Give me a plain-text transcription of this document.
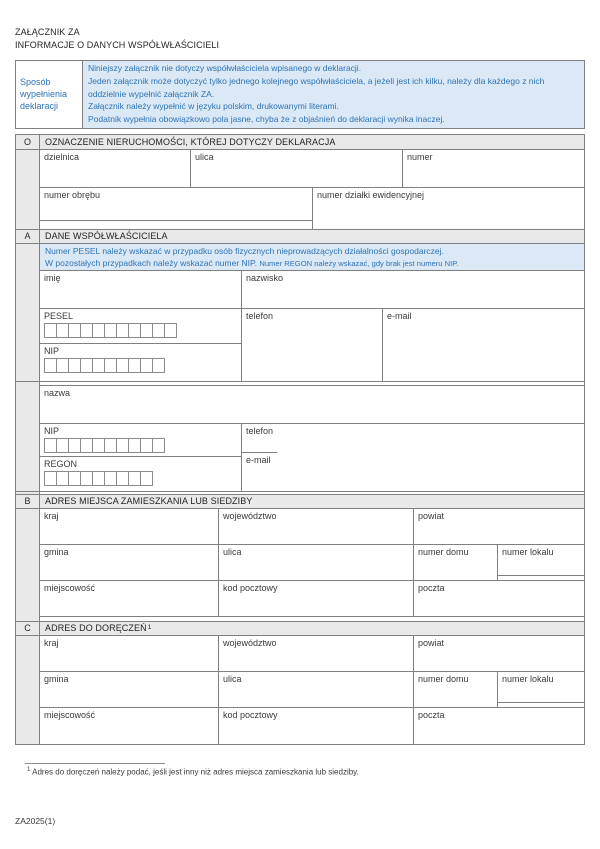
ZAŁĄCZNIK ZA
INFORMACJE O DANYCH WSPÓŁWŁAŚCICIELI
Sposób wypełnienia deklaracji
Niniejszy załącznik nie dotyczy współwłaściciela wpisanego w deklaracji.
Jeden załącznik może dotyczyć tylko jednego kolejnego współwłaściciela, a jeżeli jest ich kilku, należy dla każdego z nich oddzielnie wypełnić załącznik ZA.
Załącznik należy wypełnić w języku polskim, drukowanymi literami.
Podatnik wypełnia obowiązkowo pola jasne, chyba że z objaśnień do deklaracji wynika inaczej.
O	OZNACZENIE NIERUCHOMOŚCI, KTÓREJ DOTYCZY DEKLARACJA
dzielnica	ulica	numer
numer obrębu	numer działki ewidencyjnej
A	DANE WSPÓŁWŁAŚCICIELA
Numer PESEL należy wskazać w przypadku osób fizycznych nieprowadzących działalności gospodarczej.
W pozostałych przypadkach należy wskazać numer NIP. Numer REGON należy wskazać, gdy brak jest numeru NIP.
imię	nazwisko
PESEL
NIP
telefon	e-mail
nazwa
NIP
REGON
telefon
e-mail
B	ADRES MIEJSCA ZAMIESZKANIA LUB SIEDZIBY
kraj	województwo	powiat
gmina	ulica	numer domu	numer lokalu
miejscowość	kod pocztowy	poczta
C	ADRES DO DORĘCZEŃ 1
kraj	województwo	powiat
gmina	ulica	numer domu	numer lokalu
miejscowość	kod pocztowy	poczta
$^1$ Adres do doręczeń należy podać, jeśli jest inny niż adres miejsca zamieszkania lub siedziby.
ZA2025(1)
